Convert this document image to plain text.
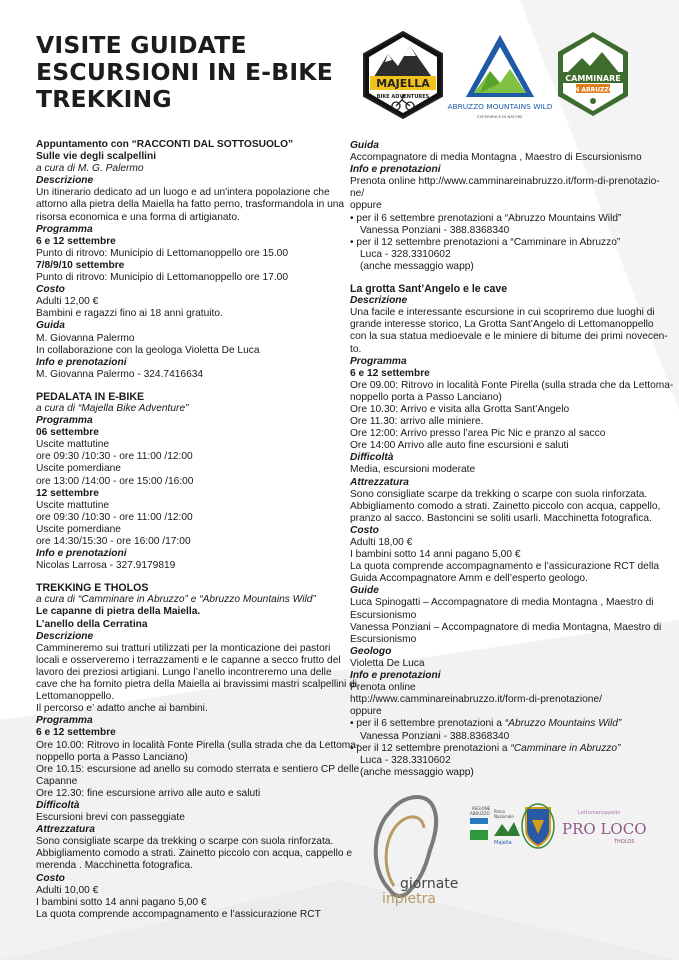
VISITE GUIDATE
ESCURSIONI IN E-BIKE
TREKKING
MAJELLA
BIKE ADVENTURES
ABRUZZO MOUNTAINS WILD
EXPERIENCE IN NATURE
CAMMINARE
IN ABRUZZO
Appuntamento con “RACCONTI DAL SOTTOSUOLO”
Sulle vie degli scalpellini
a cura di M. G. Palermo
Descrizione
Un itinerario dedicato ad un luogo e ad un'intera popolazione che
attorno alla pietra della Maiella ha fatto perno, trasformandola in una
risorsa economica e una forma di artigianato.
Programma
6 e 12 settembre
Punto di ritrovo: Municipio di Lettomanoppello ore 15.00
7/8/9/10 settembre
Punto di ritrovo: Municipio di Lettomanoppello ore 17.00
Costo
Adulti 12,00 €
Bambini e ragazzi fino ai 18 anni gratuito.
Guida
M. Giovanna Palermo
In collaborazione con la geologa Violetta De Luca
Info e prenotazioni
M. Giovanna Palermo - 324.7416634
PEDALATA IN E-BIKE
a cura di “Majella Bike Adventure”
Programma
06 settembre
Uscite mattutine
ore 09:30 /10:30 - ore 11:00 /12:00
Uscite pomerdiane
ore 13:00 /14:00 - ore 15:00 /16:00
12 settembre
Uscite mattutine
ore 09:30 /10:30 - ore 11:00 /12:00
Uscite pomerdiane
ore 14:30/15:30 - ore 16:00 /17:00
Info e prenotazioni
Nicolas Larrosa - 327.9179819
TREKKING E THOLOS
a cura di “Camminare in Abruzzo” e “Abruzzo Mountains Wild”
Le capanne di pietra della Maiella.
L’anello della Cerratina
Descrizione
Cammineremo sui tratturi utilizzati per la monticazione dei pastori
locali e osserveremo i terrazzamenti e le capanne a secco frutto del
lavoro dei preziosi artigiani. Lungo l’anello incontreremo una delle
cave che ha fornito pietra della Maiella ai bravissimi mastri scalpellini di
Lettomanoppello.
Il percorso e’ adatto anche ai bambini.
Programma
6 e 12 settembre
Ore 10.00: Ritrovo in località Fonte Pirella (sulla strada che da Lettoma-
noppello porta a Passo Lanciano)
Ore 10.15: escursione ad anello su comodo sterrata e sentiero CP delle
Capanne
Ore 12.30: fine escursione arrivo alle auto e saluti
Difficoltà
Escursioni brevi con passeggiate
Attrezzatura
Sono consigliate scarpe da trekking o scarpe con suola rinforzata.
Abbigliamento comodo a strati. Zainetto piccolo con acqua, cappello e
merenda . Macchinetta fotografica.
Costo
Adulti 10,00 €
I bambini sotto 14 anni pagano 5,00 €
La quota comprende accompagnamento e l’assicurazione RCT
Guida
Accompagnatore di media Montagna , Maestro di Escursionismo
Info e prenotazioni
Prenota online http://www.camminareinabruzzo.it/form-di-prenotazio-
ne/
oppure
• per il 6 settembre prenotazioni a “Abruzzo Mountains Wild”
Vanessa Ponziani - 388.8368340
• per il 12 settembre prenotazioni a “Camminare in Abruzzo”
Luca - 328.3310602
(anche messaggio wapp)
La grotta Sant’Angelo e le cave
Descrizione
Una facile e interessante escursione in cui scopriremo due luoghi di
grande interesse storico, La Grotta Sant’Angelo di Lettomanoppello
con la sua statua medioevale e le miniere di bitume dei primi novecen-
to.
Programma
6 e 12 settembre
Ore 09.00: Ritrovo in località Fonte Pirella (sulla strada che da Lettoma-
noppello porta a Passo Lanciano)
Ore 10.30: Arrivo e visita alla Grotta Sant’Angelo
Ore 11.30: arrivo alle miniere.
Ore 12:00: Arrivo presso l’area Pic Nic e pranzo al sacco
Ore 14:00 Arrivo alle auto fine escursioni e saluti
Difficoltà
Media, escursioni moderate
Attrezzatura
Sono consigliate scarpe da trekking o scarpe con suola rinforzata.
Abbigliamento comodo a strati. Zainetto piccolo con acqua, cappello,
pranzo al sacco. Bastoncini se soliti usarli. Macchinetta fotografica.
Costo
Adulti 18,00 €
I bambini sotto 14 anni pagano 5,00 €
La quota comprende accompagnamento e l’assicurazione RCT della
Guida Accompagnatore Amm e dell’esperto geologo.
Guide
Luca Spinogatti – Accompagnatore di media Montagna , Maestro di
Escursionismo
Vanessa Ponziani – Accompagnatore di media Montagna, Maestro di
Escursionismo
Geologo
Violetta De Luca
Info e prenotazioni
Prenota online
http://www.camminareinabruzzo.it/form-di-prenotazione/
oppure
• per il 6 settembre prenotazioni a “Abruzzo Mountains Wild”
Vanessa Ponziani - 388.8368340
• per il 12 settembre prenotazioni a “Camminare in Abruzzo”
Luca - 328.3310602
(anche messaggio wapp)
giornate
inpietra
REGIONE
ABRUZZO Parco
Nazionale
Majella
Lettomanoppello
PRO LOCO
THOLOS
